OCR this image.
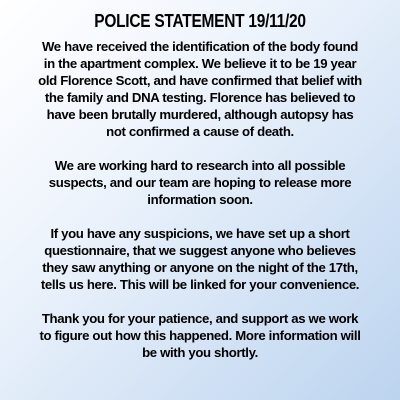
POLICE STATEMENT 19/11/20
We have received the identification of the body found
in the apartment complex. We believe it to be 19 year
old Florence Scott, and have confirmed that belief with
the family and DNA testing. Florence has believed to
have been brutally murdered, although autopsy has
not confirmed a cause of death.
We are working hard to research into all possible
suspects, and our team are hoping to release more
information soon.
If you have any suspicions, we have set up a short
questionnaire, that we suggest anyone who believes
they saw anything or anyone on the night of the 17th,
tells us here. This will be linked for your convenience.
Thank you for your patience, and support as we work
to figure out how this happened. More information will
be with you shortly.
